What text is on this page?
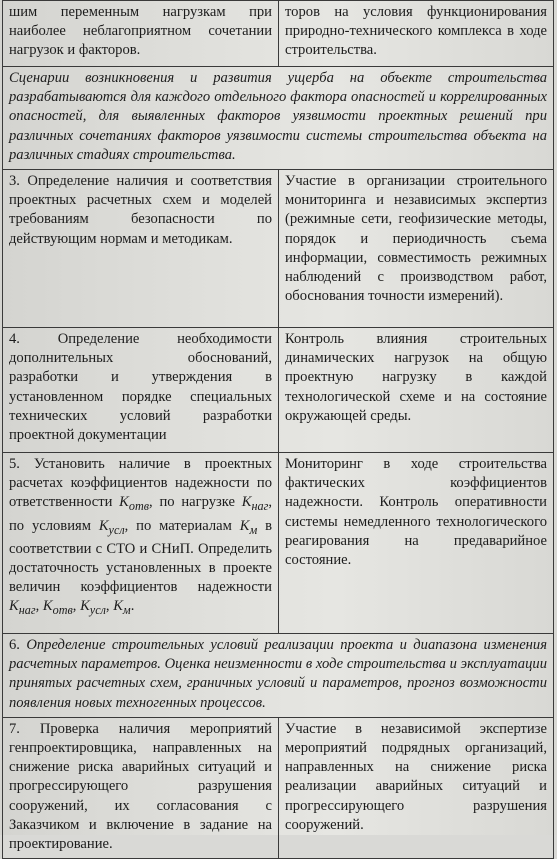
шим переменным нагрузкам при наиболее неблагоприятном сочетании нагрузок и факторов.	торов на условия функционирования природно-технического комплекса в ходе строительства.
Сценарии возникновения и развития ущерба на объекте строительства разрабатываются для каждого отдельного фактора опасностей и коррелированных опасностей, для выявленных факторов уязвимости проектных решений при различных сочетаниях факторов уязвимости системы строительства объекта на различных стадиях строительства.	
3. Определение наличия и соответствия проектных расчетных схем и моделей требованиям безопасности по действующим нормам и методикам.	Участие в организации строительного мониторинга и независимых экспертиз (режимные сети, геофизические методы, порядок и периодичность съема информации, совместимость режимных наблюдений с производством работ, обоснования точности измерений).
4. Определение необходимости дополнительных обоснований, разработки и утверждения в установленном порядке специальных технических условий разработки проектной документации	Контроль влияния строительных динамических нагрузок на общую проектную нагрузку в каждой технологической схеме и на состояние окружающей среды.
5. Установить наличие в проектных расчетах коэффициентов надежности по ответственности $K_{отв}$, по нагрузке $K_{наг}$, по условиям $K_{усл}$, по материалам $K_м$ в соответствии с СТО и СНиП. Определить достаточность установленных в проекте величин коэффициентов надежности $K_{наг}$, $K_{отв}$, $K_{усл}$, $K_м$.	Мониторинг в ходе строительства фактических коэффициентов надежности. Контроль оперативности системы немедленного технологического реагирования на предаварийное состояние.
6. Определение строительных условий реализации проекта и диапазона изменения расчетных параметров. Оценка неизменности в ходе строительства и эксплуатации принятых расчетных схем, граничных условий и параметров, прогноз возможности появления новых техногенных процессов.	
7. Проверка наличия мероприятий генпроектировщика, направленных на снижение риска аварийных ситуаций и прогрессирующего разрушения сооружений, их согласования с Заказчиком и включение в задание на проектирование.	Участие в независимой экспертизе мероприятий подрядных организаций, направленных на снижение риска реализации аварийных ситуаций и прогрессирующего разрушения сооружений.
